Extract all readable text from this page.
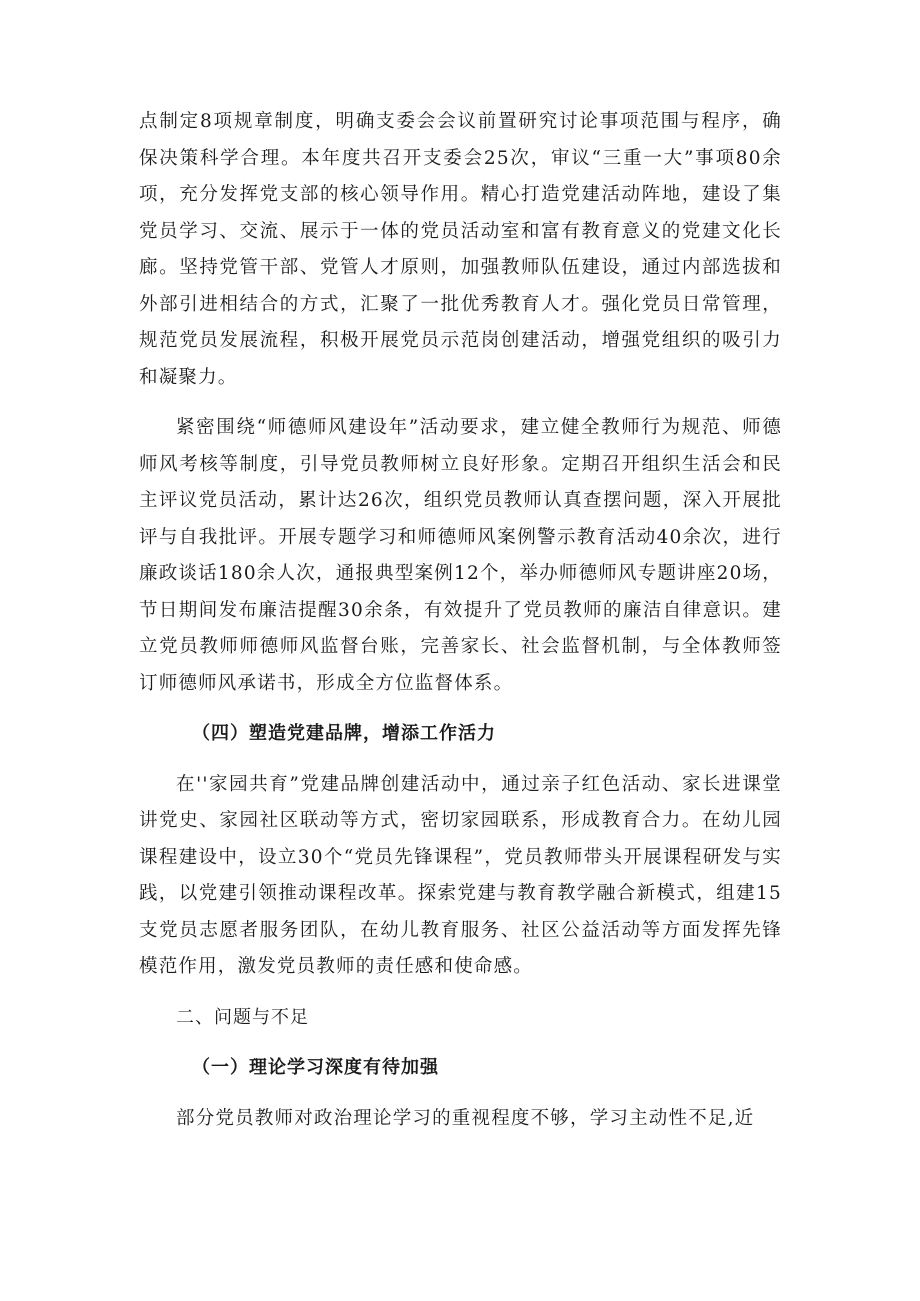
点制定8项规章制度，明确支委会会议前置研究讨论事项范围与程序，确保决策科学合理。本年度共召开支委会25次，审议“三重一大”事项80余项，充分发挥党支部的核心领导作用。精心打造党建活动阵地，建设了集党员学习、交流、展示于一体的党员活动室和富有教育意义的党建文化长廊。坚持党管干部、党管人才原则，加强教师队伍建设，通过内部选拔和外部引进相结合的方式，汇聚了一批优秀教育人才。强化党员日常管理，规范党员发展流程，积极开展党员示范岗创建活动，增强党组织的吸引力和凝聚力。

紧密围绕“师德师风建设年”活动要求，建立健全教师行为规范、师德师风考核等制度，引导党员教师树立良好形象。定期召开组织生活会和民主评议党员活动，累计达26次，组织党员教师认真查摆问题，深入开展批评与自我批评。开展专题学习和师德师风案例警示教育活动40余次，进行廉政谈话180余人次，通报典型案例12个，举办师德师风专题讲座20场，节日期间发布廉洁提醒30余条，有效提升了党员教师的廉洁自律意识。建立党员教师师德师风监督台账，完善家长、社会监督机制，与全体教师签订师德师风承诺书，形成全方位监督体系。

（四）塑造党建品牌，增添工作活力

在''家园共育”党建品牌创建活动中，通过亲子红色活动、家长进课堂讲党史、家园社区联动等方式，密切家园联系，形成教育合力。在幼儿园课程建设中，设立30个“党员先锋课程”，党员教师带头开展课程研发与实践，以党建引领推动课程改革。探索党建与教育教学融合新模式，组建15支党员志愿者服务团队，在幼儿教育服务、社区公益活动等方面发挥先锋模范作用，激发党员教师的责任感和使命感。

二、问题与不足

（一）理论学习深度有待加强

部分党员教师对政治理论学习的重视程度不够，学习主动性不足,近
